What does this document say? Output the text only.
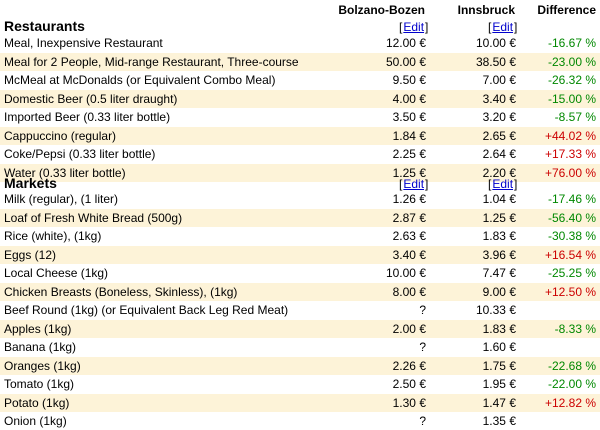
Bolzano-Bozen	Innsbruck	Difference
Restaurants	[Edit]	[Edit]
Meal, Inexpensive Restaurant	12.00 €	10.00 €	-16.67 %
Meal for 2 People, Mid-range Restaurant, Three-course	50.00 €	38.50 €	-23.00 %
McMeal at McDonalds (or Equivalent Combo Meal)	9.50 €	7.00 €	-26.32 %
Domestic Beer (0.5 liter draught)	4.00 €	3.40 €	-15.00 %
Imported Beer (0.33 liter bottle)	3.50 €	3.20 €	-8.57 %
Cappuccino (regular)	1.84 €	2.65 €	+44.02 %
Coke/Pepsi (0.33 liter bottle)	2.25 €	2.64 €	+17.33 %
Water (0.33 liter bottle)	1.25 €	2.20 €	+76.00 %
Markets	[Edit]	[Edit]
Milk (regular), (1 liter)	1.26 €	1.04 €	-17.46 %
Loaf of Fresh White Bread (500g)	2.87 €	1.25 €	-56.40 %
Rice (white), (1kg)	2.63 €	1.83 €	-30.38 %
Eggs (12)	3.40 €	3.96 €	+16.54 %
Local Cheese (1kg)	10.00 €	7.47 €	-25.25 %
Chicken Breasts (Boneless, Skinless), (1kg)	8.00 €	9.00 €	+12.50 %
Beef Round (1kg) (or Equivalent Back Leg Red Meat)	?	10.33 €
Apples (1kg)	2.00 €	1.83 €	-8.33 %
Banana (1kg)	?	1.60 €
Oranges (1kg)	2.26 €	1.75 €	-22.68 %
Tomato (1kg)	2.50 €	1.95 €	-22.00 %
Potato (1kg)	1.30 €	1.47 €	+12.82 %
Onion (1kg)	?	1.35 €
